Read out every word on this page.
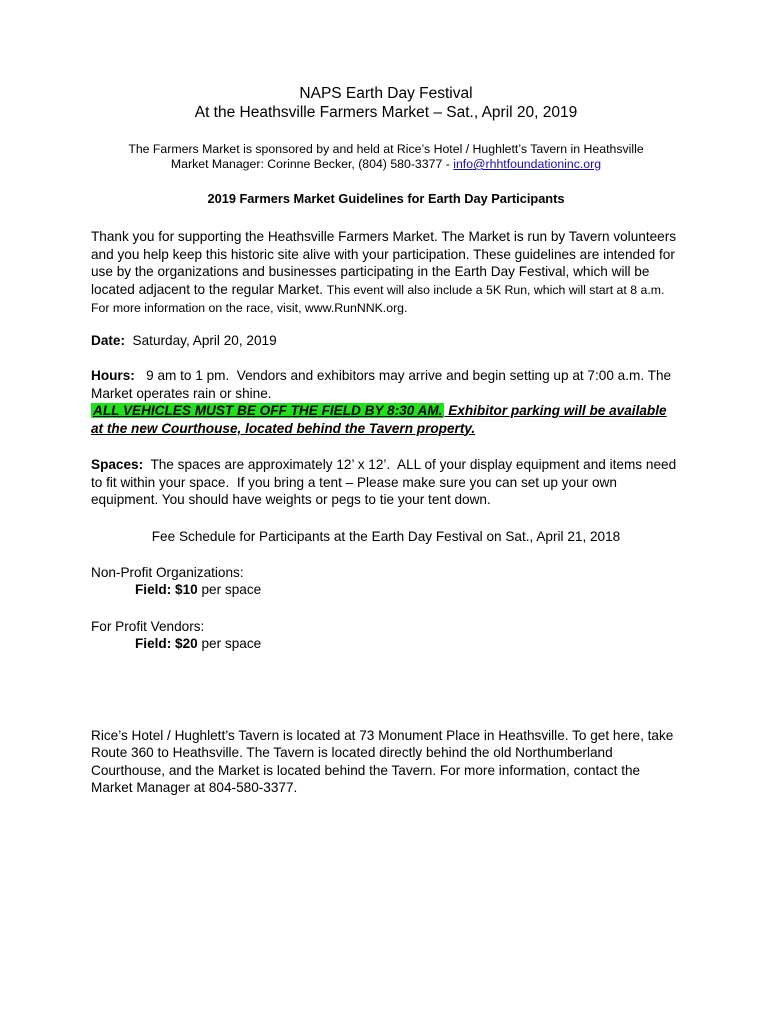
NAPS Earth Day Festival
At the Heathsville Farmers Market – Sat., April 20, 2019
The Farmers Market is sponsored by and held at Rice’s Hotel / Hughlett’s Tavern in Heathsville
Market Manager: Corinne Becker, (804) 580-3377 - info@rhhtfoundationinc.org
2019 Farmers Market Guidelines for Earth Day Participants
Thank you for supporting the Heathsville Farmers Market. The Market is run by Tavern volunteers and you help keep this historic site alive with your participation. These guidelines are intended for use by the organizations and businesses participating in the Earth Day Festival, which will be located adjacent to the regular Market. This event will also include a 5K Run, which will start at 8 a.m. For more information on the race, visit, www.RunNNK.org.
Date:  Saturday, April 20, 2019
Hours:   9 am to 1 pm.  Vendors and exhibitors may arrive and begin setting up at 7:00 a.m. The Market operates rain or shine.
ALL VEHICLES MUST BE OFF THE FIELD BY 8:30 AM. Exhibitor parking will be available at the new Courthouse, located behind the Tavern property.
Spaces:  The spaces are approximately 12’ x 12’.  ALL of your display equipment and items need to fit within your space.  If you bring a tent – Please make sure you can set up your own equipment. You should have weights or pegs to tie your tent down.
Fee Schedule for Participants at the Earth Day Festival on Sat., April 21, 2018
Non-Profit Organizations:
Field: $10 per space
For Profit Vendors:
Field: $20 per space
Rice’s Hotel / Hughlett’s Tavern is located at 73 Monument Place in Heathsville. To get here, take Route 360 to Heathsville. The Tavern is located directly behind the old Northumberland Courthouse, and the Market is located behind the Tavern. For more information, contact the Market Manager at 804-580-3377.
